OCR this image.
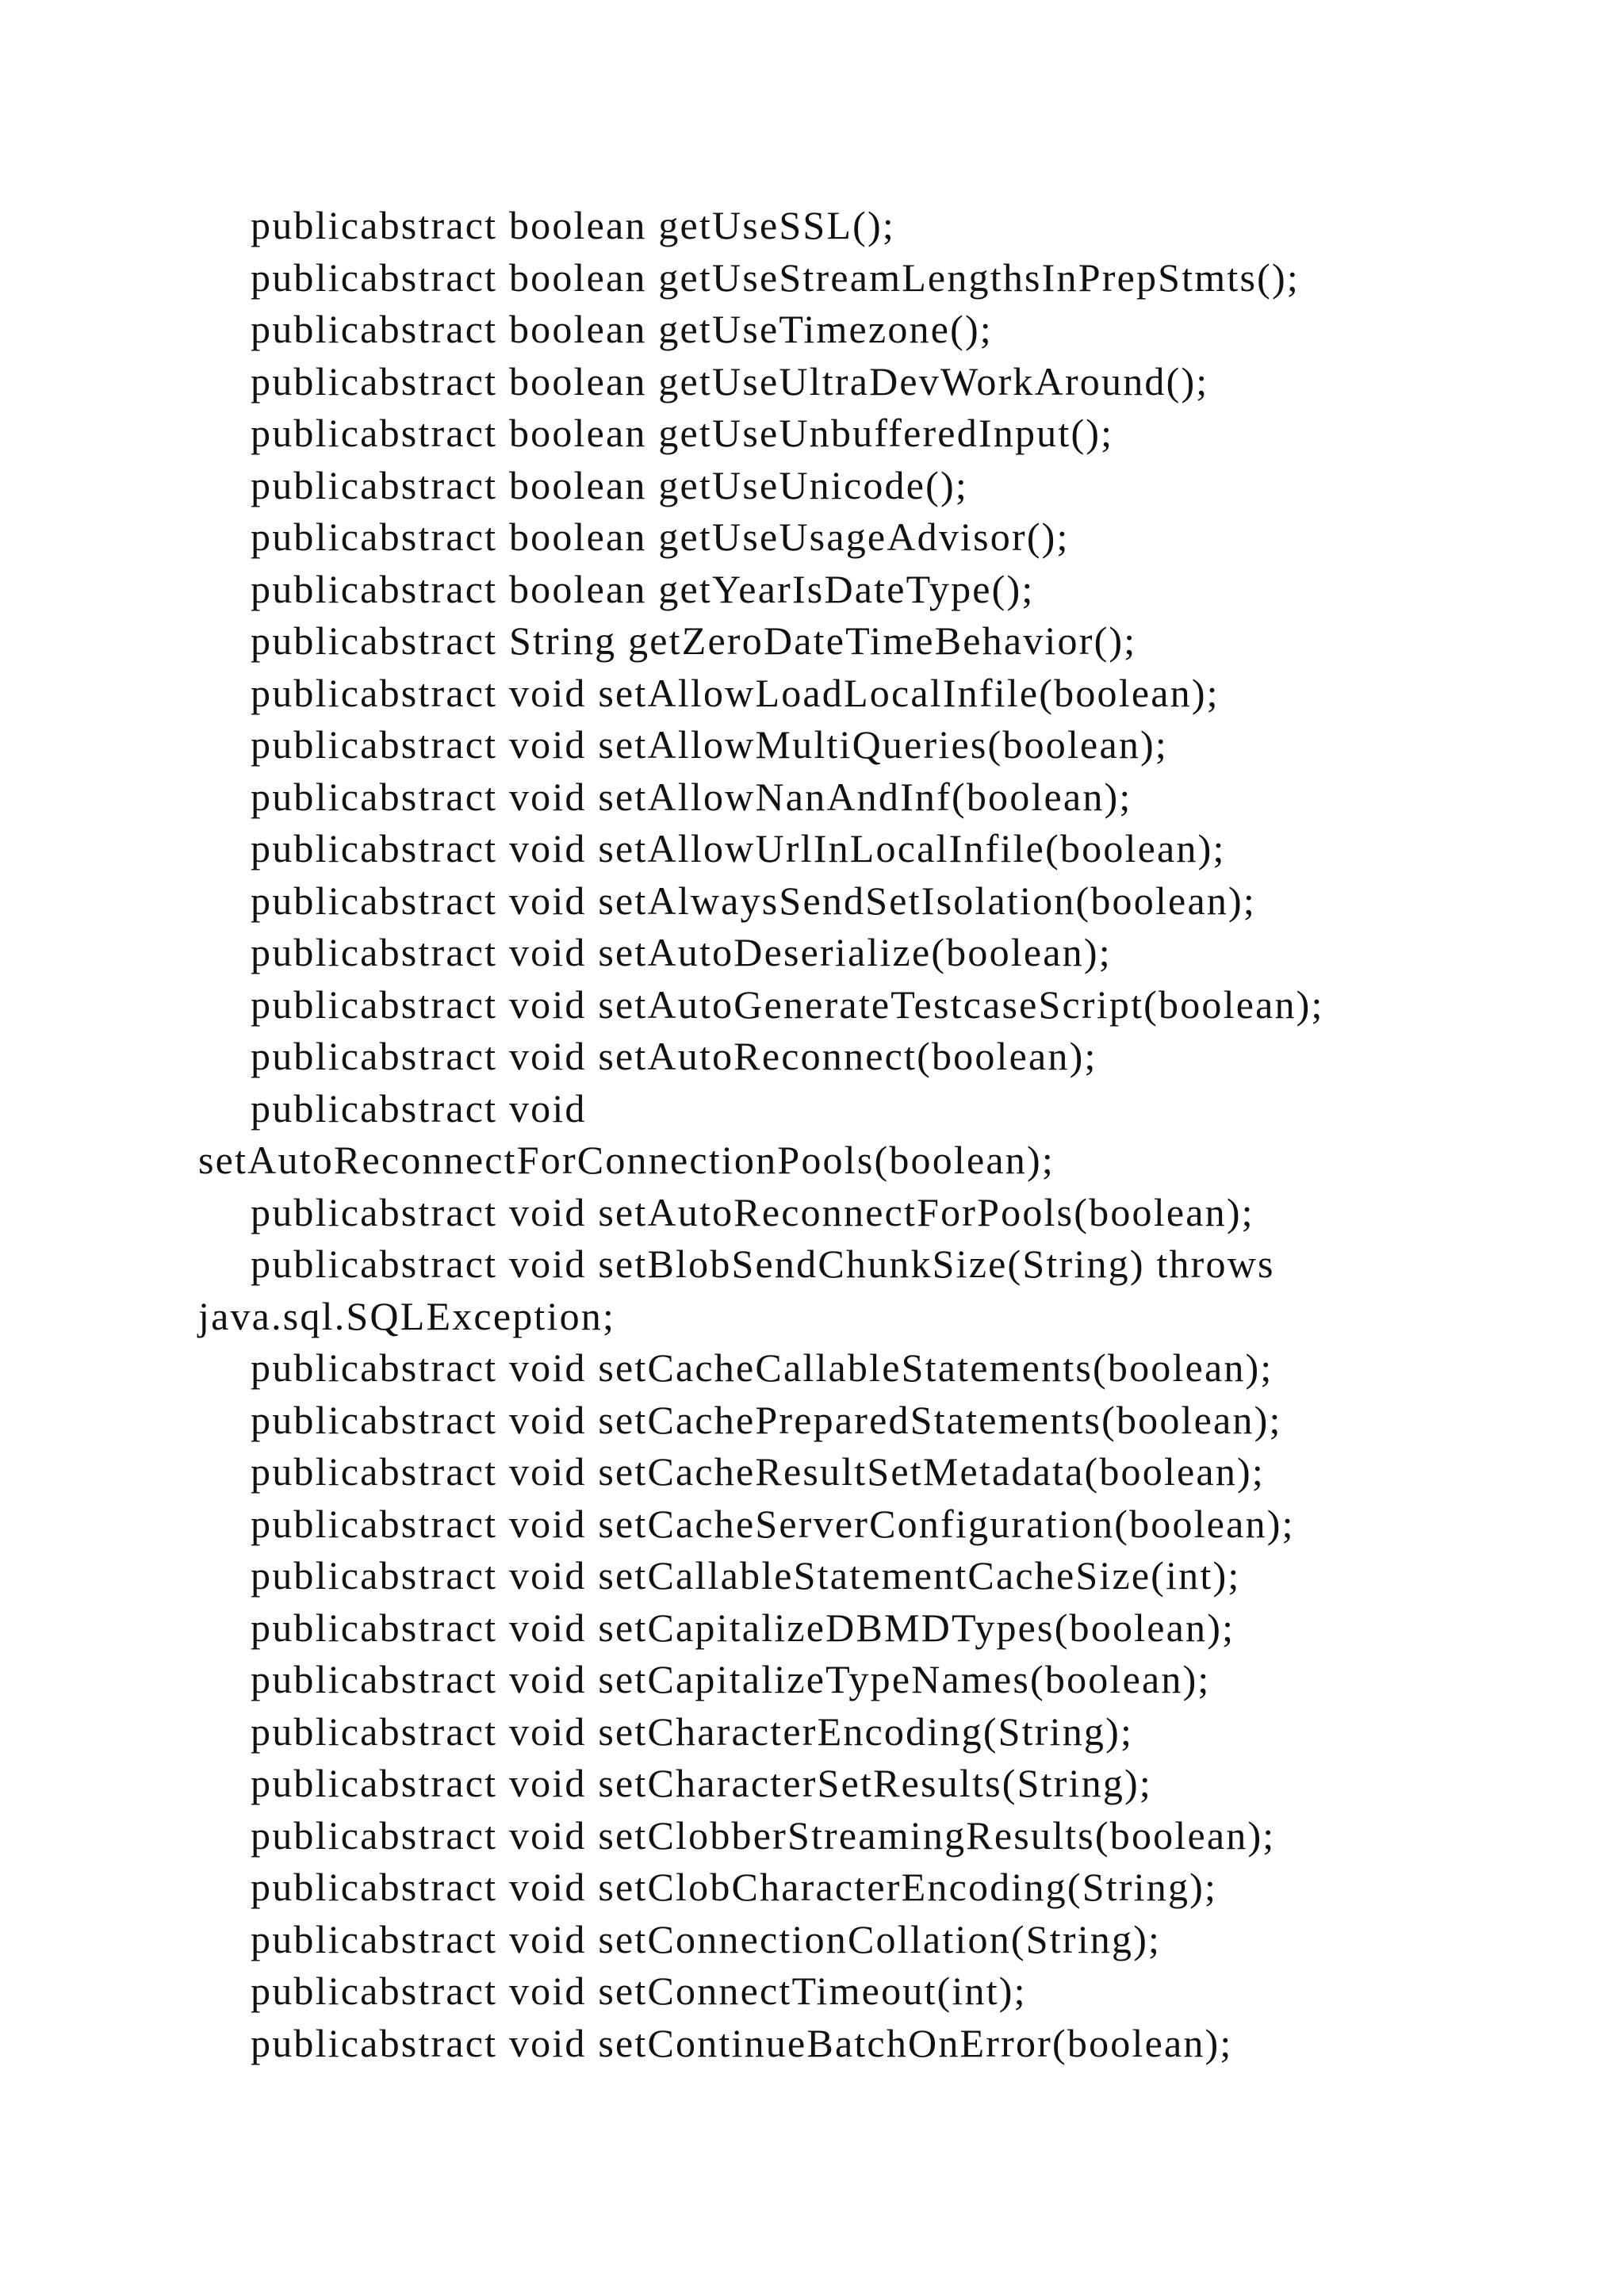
publicabstract boolean getUseSSL();
publicabstract boolean getUseStreamLengthsInPrepStmts();
publicabstract boolean getUseTimezone();
publicabstract boolean getUseUltraDevWorkAround();
publicabstract boolean getUseUnbufferedInput();
publicabstract boolean getUseUnicode();
publicabstract boolean getUseUsageAdvisor();
publicabstract boolean getYearIsDateType();
publicabstract String getZeroDateTimeBehavior();
publicabstract void setAllowLoadLocalInfile(boolean);
publicabstract void setAllowMultiQueries(boolean);
publicabstract void setAllowNanAndInf(boolean);
publicabstract void setAllowUrlInLocalInfile(boolean);
publicabstract void setAlwaysSendSetIsolation(boolean);
publicabstract void setAutoDeserialize(boolean);
publicabstract void setAutoGenerateTestcaseScript(boolean);
publicabstract void setAutoReconnect(boolean);
publicabstract void
setAutoReconnectForConnectionPools(boolean);
publicabstract void setAutoReconnectForPools(boolean);
publicabstract void setBlobSendChunkSize(String) throws
java.sql.SQLException;
publicabstract void setCacheCallableStatements(boolean);
publicabstract void setCachePreparedStatements(boolean);
publicabstract void setCacheResultSetMetadata(boolean);
publicabstract void setCacheServerConfiguration(boolean);
publicabstract void setCallableStatementCacheSize(int);
publicabstract void setCapitalizeDBMDTypes(boolean);
publicabstract void setCapitalizeTypeNames(boolean);
publicabstract void setCharacterEncoding(String);
publicabstract void setCharacterSetResults(String);
publicabstract void setClobberStreamingResults(boolean);
publicabstract void setClobCharacterEncoding(String);
publicabstract void setConnectionCollation(String);
publicabstract void setConnectTimeout(int);
publicabstract void setContinueBatchOnError(boolean);
